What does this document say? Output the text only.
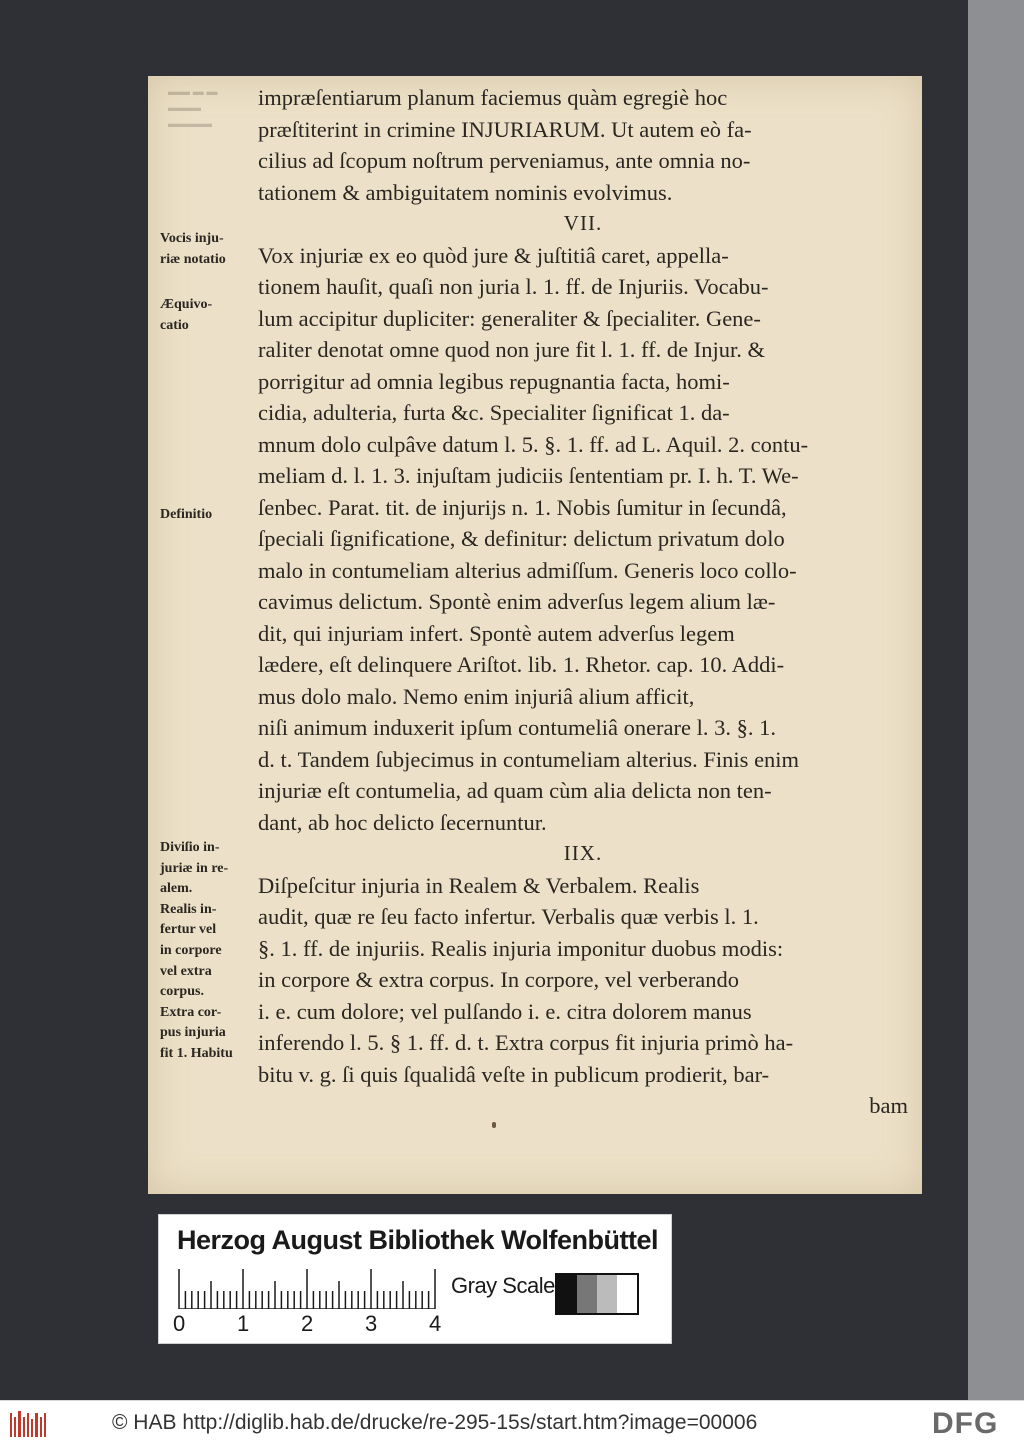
▬▬ ▬ ▬
▬▬▬
▬▬▬▬
impræſentiarum planum faciemus quàm egregiè hoc
præſtiterint in crimine INJURIARUM. Ut autem eò fa-
cilius ad ſcopum noſtrum perveniamus, ante omnia no-
tationem & ambiguitatem nominis evolvimus.
VII.
Vox injuriæ ex eo quòd jure & juſtitiâ caret, appella-
tionem hauſit, quaſi non juria l. 1. ff. de Injuriis. Vocabu-
lum accipitur dupliciter: generaliter & ſpecialiter. Gene-
raliter denotat omne quod non jure fit l. 1. ff. de Injur. &
porrigitur ad omnia legibus repugnantia facta, homi-
cidia, adulteria, furta &c. Specialiter ſignificat 1. da-
mnum dolo culpâve datum l. 5. §. 1. ff. ad L. Aquil. 2. contu-
meliam d. l. 1. 3. injuſtam judiciis ſententiam pr. I. h. T. We-
ſenbec. Parat. tit. de injurijs n. 1. Nobis ſumitur in ſecundâ,
ſpeciali ſignificatione, & definitur: delictum privatum dolo
malo in contumeliam alterius admiſſum. Generis loco collo-
cavimus delictum. Spontè enim adverſus legem alium læ-
dit, qui injuriam infert. Spontè autem adverſus legem
lædere, eſt delinquere Ariſtot. lib. 1. Rhetor. cap. 10. Addi-
mus dolo malo. Nemo enim injuriâ alium afficit,
niſi animum induxerit ipſum contumeliâ onerare l. 3. §. 1.
d. t. Tandem ſubjecimus in contumeliam alterius. Finis enim
injuriæ eſt contumelia, ad quam cùm alia delicta non ten-
dant, ab hoc delicto ſecernuntur.
IIX.
Diſpeſcitur injuria in Realem & Verbalem. Realis
audit, quæ re ſeu facto infertur. Verbalis quæ verbis l. 1.
§. 1. ff. de injuriis. Realis injuria imponitur duobus modis:
in corpore & extra corpus. In corpore, vel verberando
i. e. cum dolore; vel pulſando i. e. citra dolorem manus
inferendo l. 5. § 1. ff. d. t. Extra corpus fit injuria primò ha-
bitu v. g. ſi quis ſqualidâ veſte in publicum prodierit, bar-
bam
Vocis inju-
riæ notatio
Æquivo-
catio
Definitio
Diviſio in-
juriæ in re-
alem.
Realis in-
fertur vel
in corpore
vel extra
corpus.
Extra cor-
pus injuria
fit 1. Habitu
Herzog August Bibliothek Wolfenbüttel
0 1 2 3 4
Gray Scale
© HAB http://diglib.hab.de/drucke/re-295-15s/start.htm?image=00006	DFG
